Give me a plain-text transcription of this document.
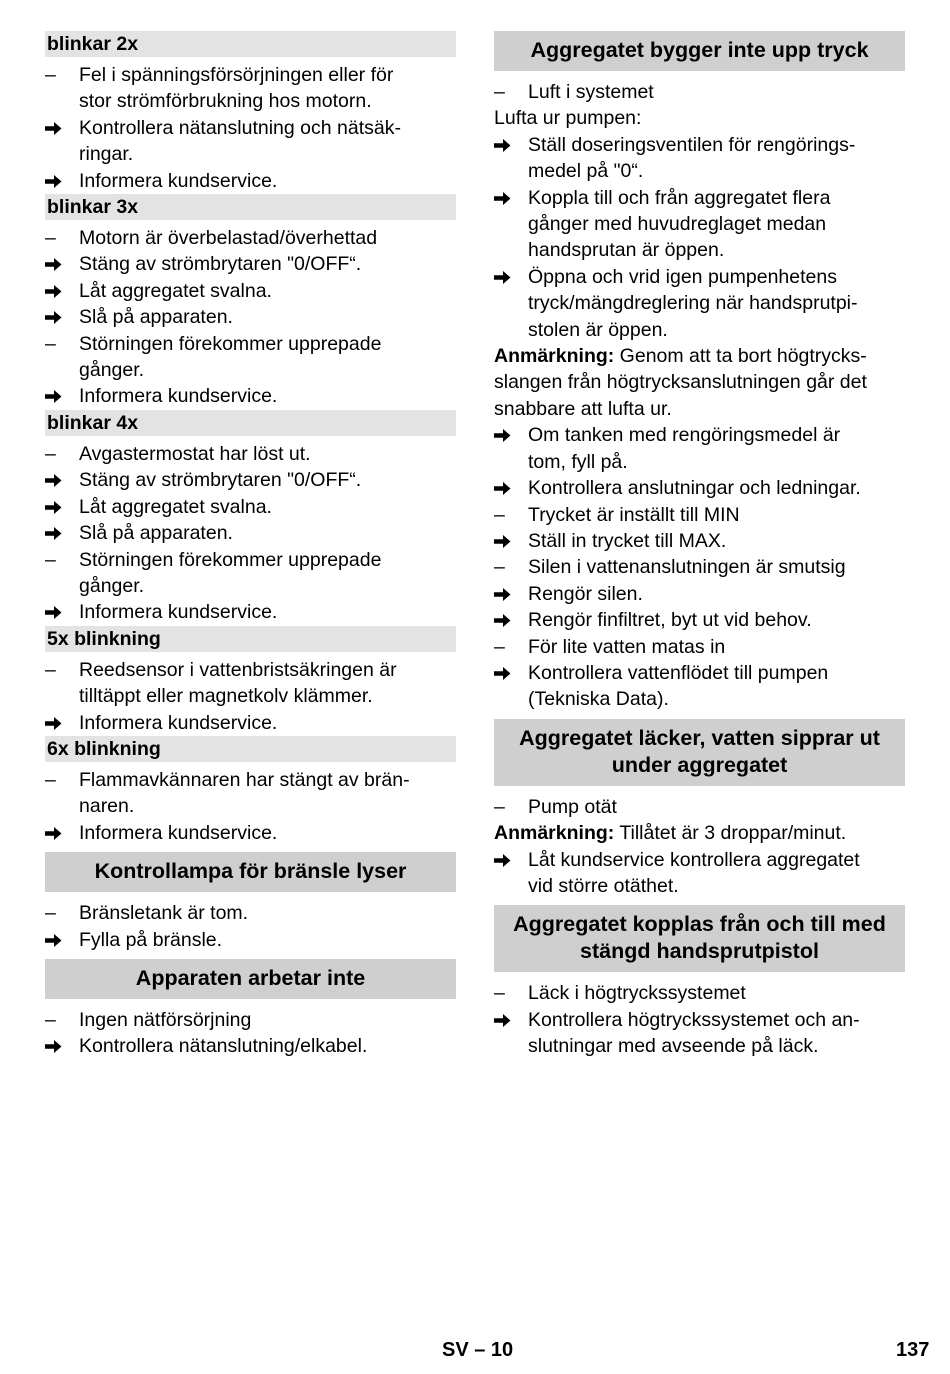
blinkar 2x
–	Fel i spänningsförsörjningen eller för
stor strömförbrukning hos motorn.
Kontrollera nätanslutning och nätsäk-
ringar.
Informera kundservice.
blinkar 3x
–	Motorn är överbelastad/överhettad
Stäng av strömbrytaren "0/OFF“.
Låt aggregatet svalna.
Slå på apparaten.
–	Störningen förekommer upprepade
gånger.
Informera kundservice.
blinkar 4x
–	Avgastermostat har löst ut.
Stäng av strömbrytaren "0/OFF“.
Låt aggregatet svalna.
Slå på apparaten.
–	Störningen förekommer upprepade
gånger.
Informera kundservice.
5x blinkning
–	Reedsensor i vattenbristsäkringen är
tilltäppt eller magnetkolv klämmer.
Informera kundservice.
6x blinkning
–	Flammavkännaren har stängt av brän-
naren.
Informera kundservice.
Kontrollampa för bränsle lyser
–	Bränsletank är tom.
Fylla på bränsle.
Apparaten arbetar inte
–	Ingen nätförsörjning
Kontrollera nätanslutning/elkabel.
Aggregatet bygger inte upp tryck
–	Luft i systemet
Lufta ur pumpen:
Ställ doseringsventilen för rengörings-
medel på "0“.
Koppla till och från aggregatet flera
gånger med huvudreglaget medan
handsprutan är öppen.
Öppna och vrid igen pumpenhetens
tryck/mängdreglering när handsprutpi-
stolen är öppen.
Anmärkning: Genom att ta bort högtrycks-
slangen från högtrycksanslutningen går det
snabbare att lufta ur.
Om tanken med rengöringsmedel är
tom, fyll på.
Kontrollera anslutningar och ledningar.
–	Trycket är inställt till MIN
Ställ in trycket till MAX.
–	Silen i vattenanslutningen är smutsig
Rengör silen.
Rengör finfiltret, byt ut vid behov.
–	För lite vatten matas in
Kontrollera vattenflödet till pumpen
(Tekniska Data).
Aggregatet läcker, vatten sipprar ut under aggregatet
–	Pump otät
Anmärkning: Tillåtet är 3 droppar/minut.
Låt kundservice kontrollera aggregatet
vid större otäthet.
Aggregatet kopplas från och till med stängd handsprutpistol
–	Läck i högtryckssystemet
Kontrollera högtryckssystemet och an-
slutningar med avseende på läck.
SV – 10	137
